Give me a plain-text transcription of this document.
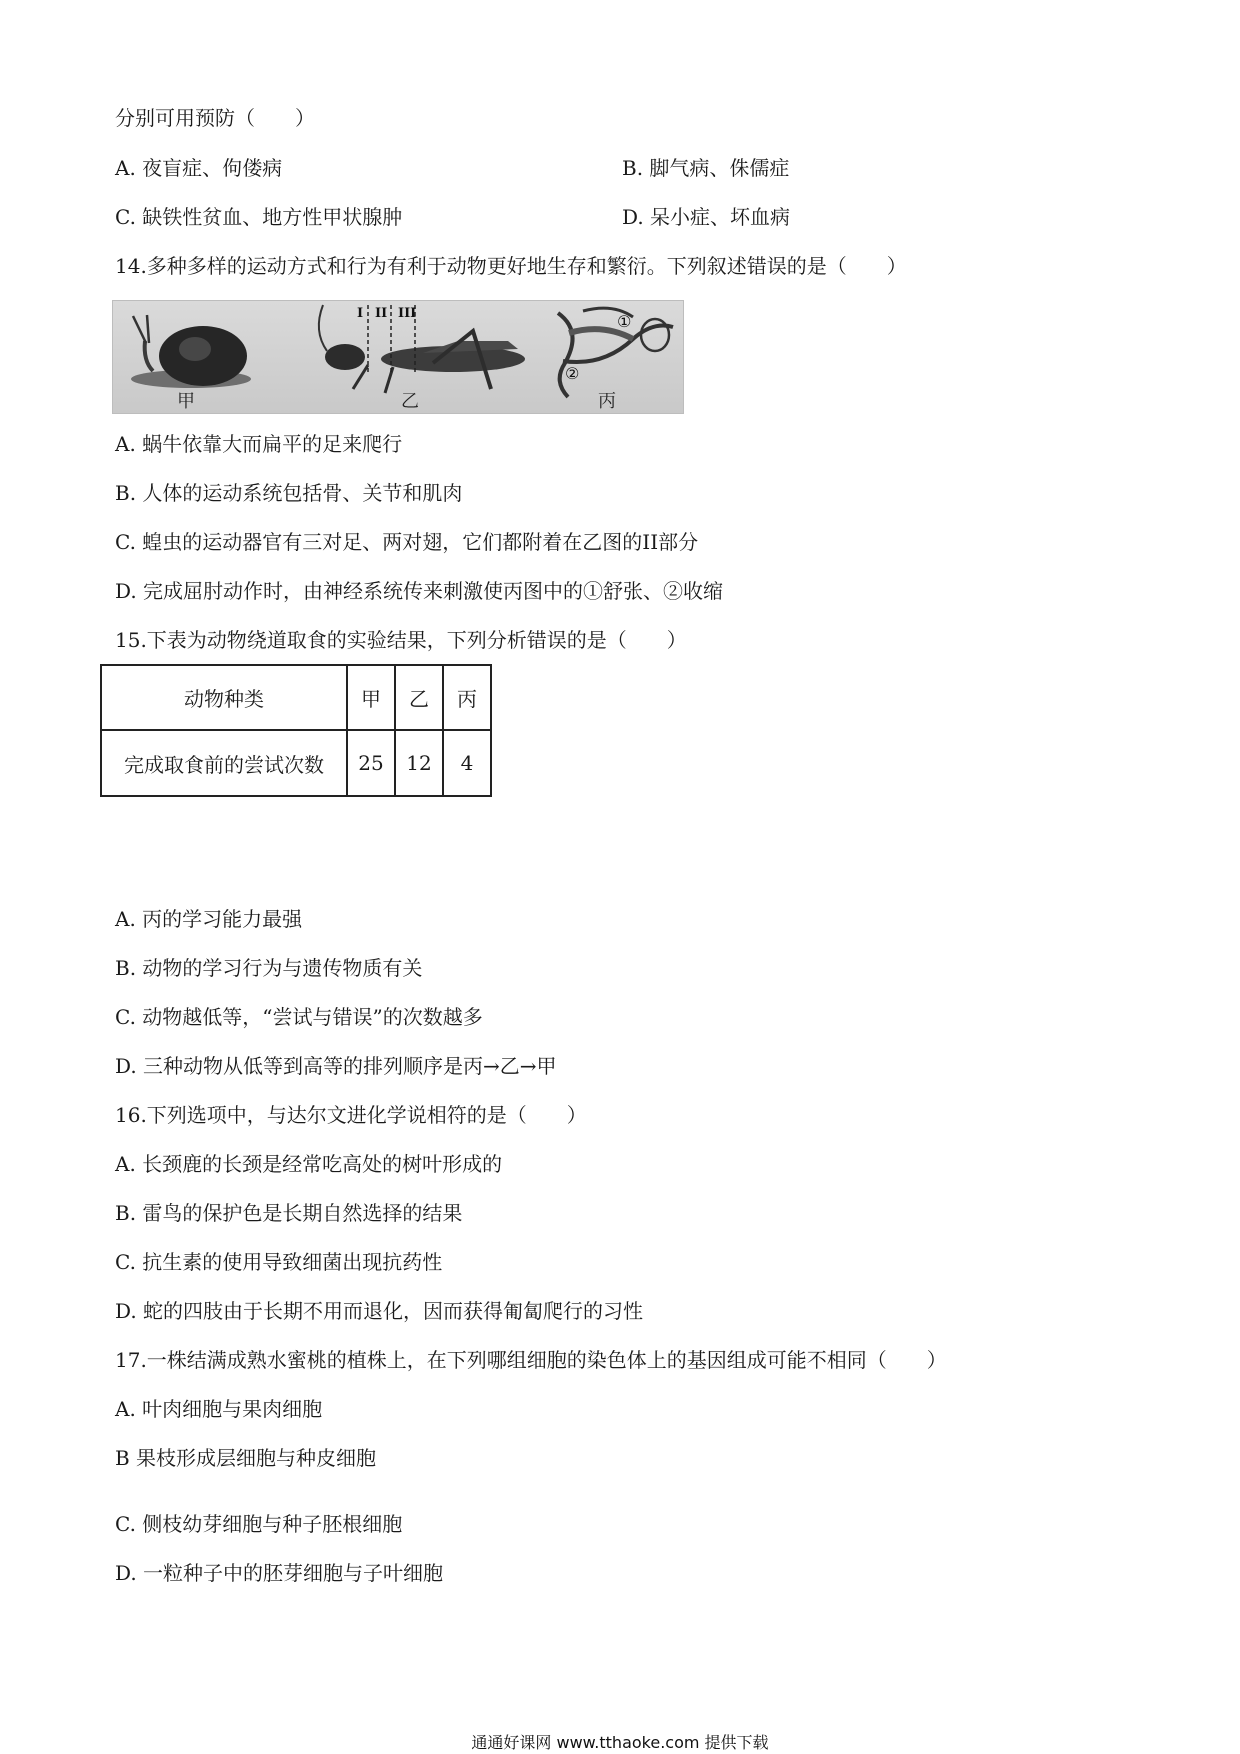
分别可用预防（　　）
A. 夜盲症、佝偻病	B. 脚气病、侏儒症
C. 缺铁性贫血、地方性甲状腺肿	D. 呆小症、坏血病
14.多种多样的运动方式和行为有利于动物更好地生存和繁衍。下列叙述错误的是（　　）
甲	乙	丙
I II III	①
②
A. 蜗牛依靠大而扁平的足来爬行
B. 人体的运动系统包括骨、关节和肌肉
C. 蝗虫的运动器官有三对足、两对翅，它们都附着在乙图的II部分
D. 完成屈肘动作时，由神经系统传来刺激使丙图中的①舒张、②收缩
15.下表为动物绕道取食的实验结果，下列分析错误的是（　　）
动物种类	甲	乙	丙
完成取食前的尝试次数	25	12	4
A. 丙的学习能力最强
B. 动物的学习行为与遗传物质有关
C. 动物越低等，“尝试与错误”的次数越多
D. 三种动物从低等到高等的排列顺序是丙→乙→甲
16.下列选项中，与达尔文进化学说相符的是（　　）
A. 长颈鹿的长颈是经常吃高处的树叶形成的
B. 雷鸟的保护色是长期自然选择的结果
C. 抗生素的使用导致细菌出现抗药性
D. 蛇的四肢由于长期不用而退化，因而获得匍匐爬行的习性
17.一株结满成熟水蜜桃的植株上，在下列哪组细胞的染色体上的基因组成可能不相同（　　）
A. 叶肉细胞与果肉细胞
B 果枝形成层细胞与种皮细胞
C. 侧枝幼芽细胞与种子胚根细胞
D. 一粒种子中的胚芽细胞与子叶细胞
通通好课网 www.tthaoke.com 提供下载
